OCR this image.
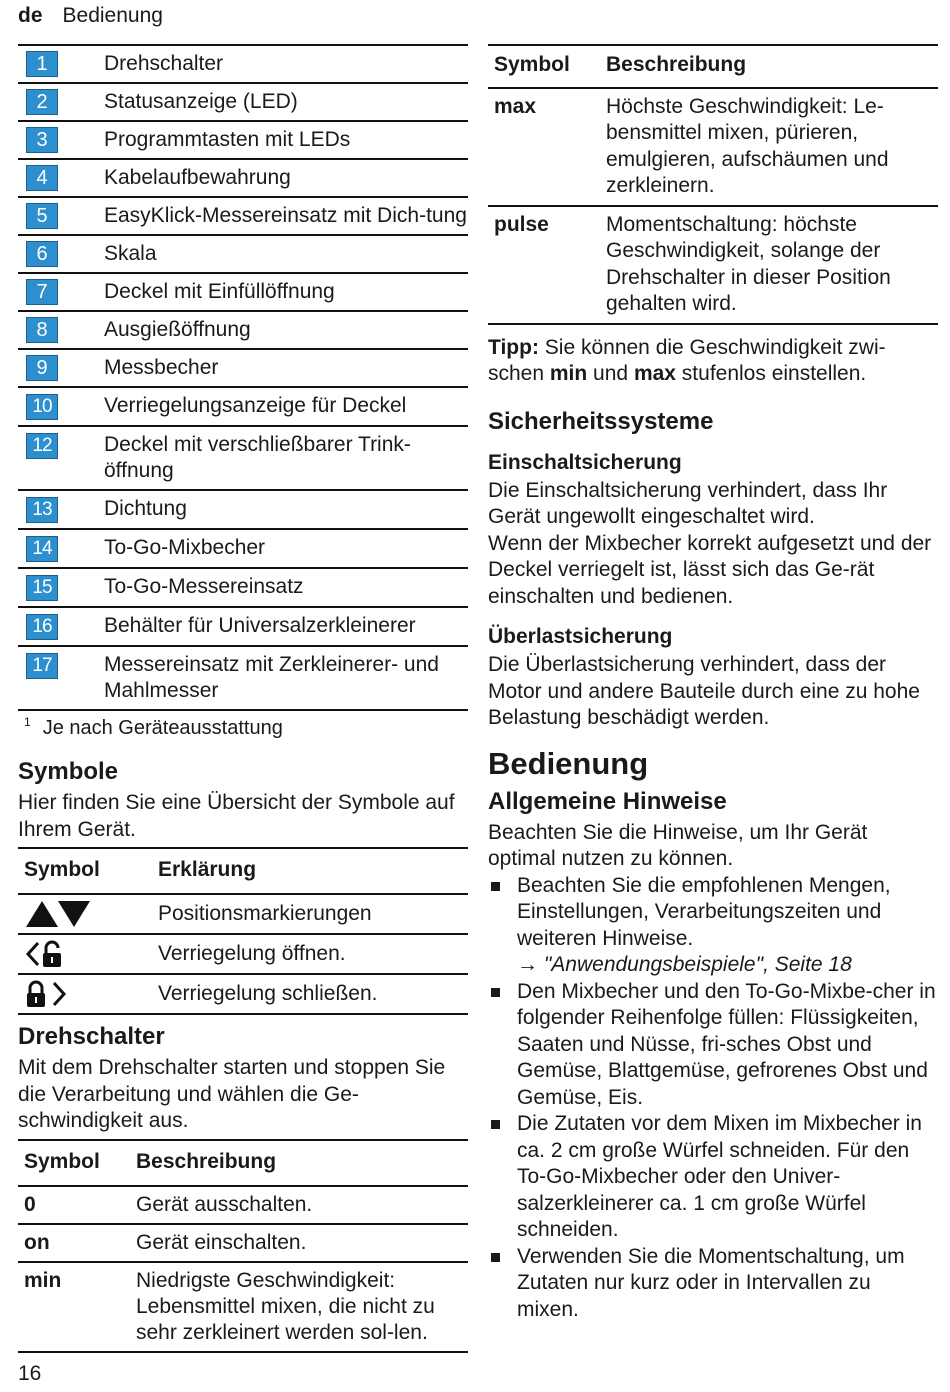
de Bedienung
1	Drehschalter
2	Statusanzeige (LED)
3	Programmtasten mit LEDs
4	Kabelaufbewahrung
5	EasyKlick-Messereinsatz mit Dich-tung
6	Skala
7	Deckel mit Einfüllöffnung
8	Ausgießöffnung
9	Messbecher
10	Verriegelungsanzeige für Deckel
12	Deckel mit verschließbarer Trink-öffnung
13	Dichtung
14	To-Go-Mixbecher
15	To-Go-Messereinsatz
16	Behälter für Universalzerkleinerer
17	Messereinsatz mit Zerkleinerer- und Mahlmesser
$^1$ Je nach Geräteausstattung
Symbole

Hier finden Sie eine Übersicht der Symbole auf Ihrem Gerät.

Symbol	Erklärung

	Positionsmarkierungen

	Verriegelung öffnen.

	Verriegelung schließen.
Drehschalter

Mit dem Drehschalter starten und stoppen Sie die Verarbeitung und wählen die Ge-schwindigkeit aus.

Symbol	Beschreibung
0	Gerät ausschalten.
on	Gerät einschalten.
min	Niedrigste Geschwindigkeit: Lebensmittel mixen, die nicht zu sehr zerkleinert werden sol-len.
Symbol	Beschreibung
max	Höchste Geschwindigkeit: Le-bensmittel mixen, pürieren, emulgieren, aufschäumen und zerkleinern.
pulse	Momentschaltung: höchste Geschwindigkeit, solange der Drehschalter in dieser Position gehalten wird.

Tipp: Sie können die Geschwindigkeit zwi-schen min und max stufenlos einstellen.

Sicherheitssysteme
Einschaltsicherung

Die Einschaltsicherung verhindert, dass Ihr Gerät ungewollt eingeschaltet wird.

Wenn der Mixbecher korrekt aufgesetzt und der Deckel verriegelt ist, lässt sich das Ge-rät einschalten und bedienen.

Überlastsicherung

Die Überlastsicherung verhindert, dass der Motor und andere Bauteile durch eine zu hohe Belastung beschädigt werden.

Bedienung
Allgemeine Hinweise

Beachten Sie die Hinweise, um Ihr Gerät optimal nutzen zu können.

Beachten Sie die empfohlenen Mengen, Einstellungen, Verarbeitungszeiten und weiteren Hinweise.
→ "Anwendungsbeispiele", Seite 18
Den Mixbecher und den To-Go-Mixbe-cher in folgender Reihenfolge füllen: Flüssigkeiten, Saaten und Nüsse, fri-sches Obst und Gemüse, Blattgemüse, gefrorenes Obst und Gemüse, Eis.
Die Zutaten vor dem Mixen im Mixbecher in ca. 2 cm große Würfel schneiden. Für den To-Go-Mixbecher oder den Univer-salzerkleinerer ca. 1 cm große Würfel schneiden.
Verwenden Sie die Momentschaltung, um Zutaten nur kurz oder in Intervallen zu mixen.
16
